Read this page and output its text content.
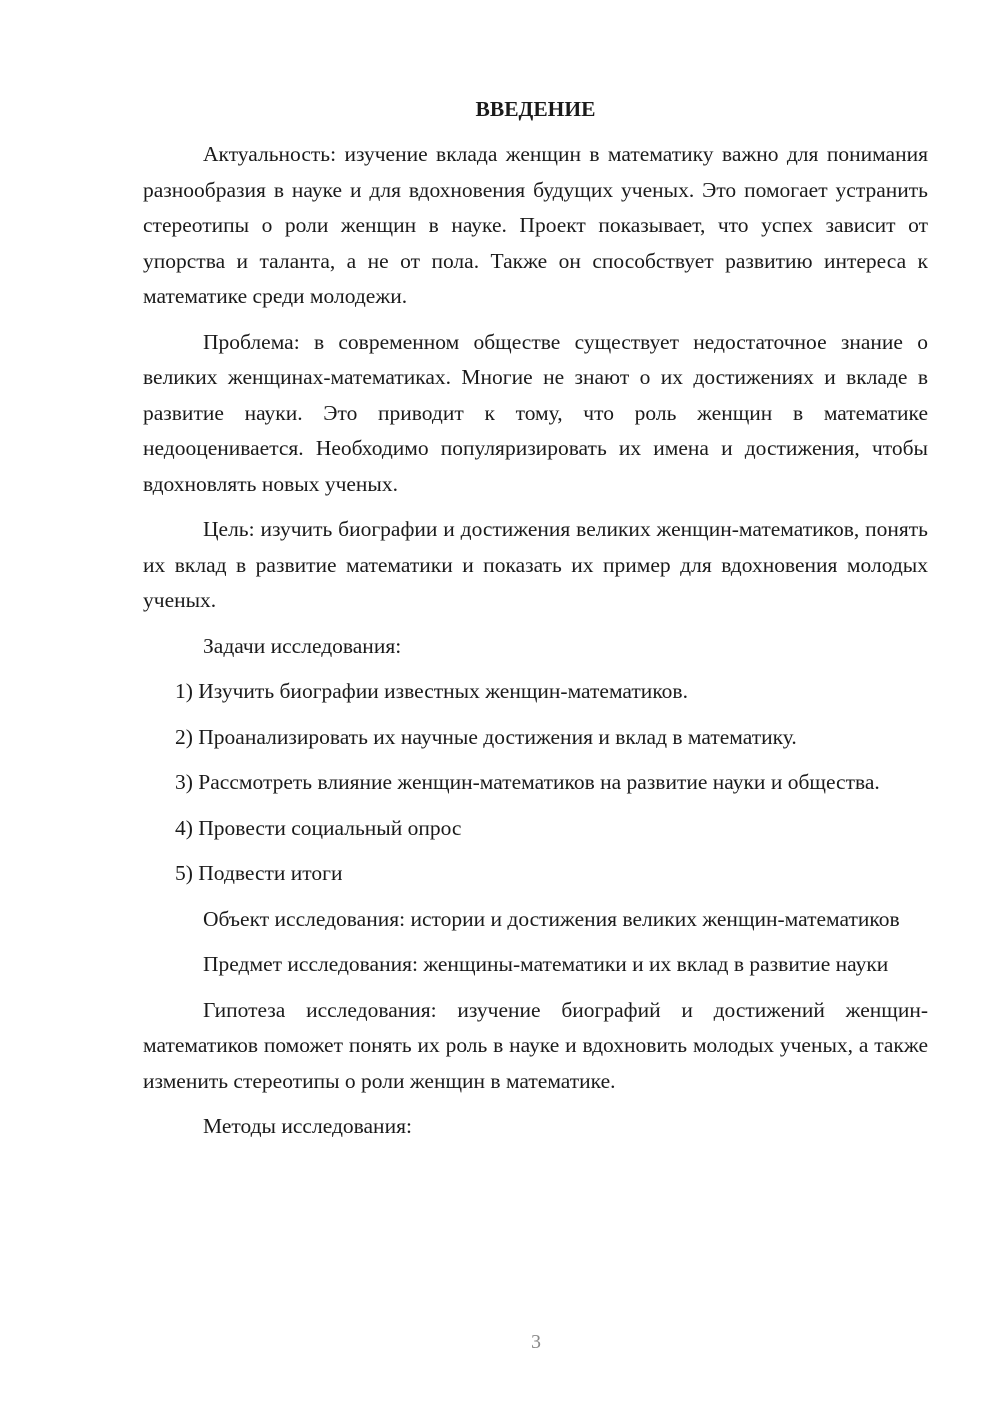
ВВЕДЕНИЕ

Актуальность: изучение вклада женщин в математику важно для понимания разнообразия в науке и для вдохновения будущих ученых. Это помогает устранить стереотипы о роли женщин в науке. Проект показывает, что успех зависит от упорства и таланта, а не от пола. Также он способствует развитию интереса к математике среди молодежи.

Проблема: в современном обществе существует недостаточное знание о великих женщинах-математиках. Многие не знают о их достижениях и вкладе в развитие науки. Это приводит к тому, что роль женщин в математике недооценивается. Необходимо популяризировать их имена и достижения, чтобы вдохновлять новых ученых.

Цель: изучить биографии и достижения великих женщин-математиков, понять их вклад в развитие математики и показать их пример для вдохновения молодых ученых.

Задачи исследования:

1) Изучить биографии известных женщин-математиков.

2) Проанализировать их научные достижения и вклад в математику.

3) Рассмотреть влияние женщин-математиков на развитие науки и общества.

4) Провести социальный опрос

5) Подвести итоги

Объект исследования: истории и достижения великих женщин-математиков

Предмет исследования: женщины-математики и их вклад в развитие науки

Гипотеза исследования: изучение биографий и достижений женщин-математиков поможет понять их роль в науке и вдохновить молодых ученых, а также изменить стереотипы о роли женщин в математике.

Методы исследования:

3
